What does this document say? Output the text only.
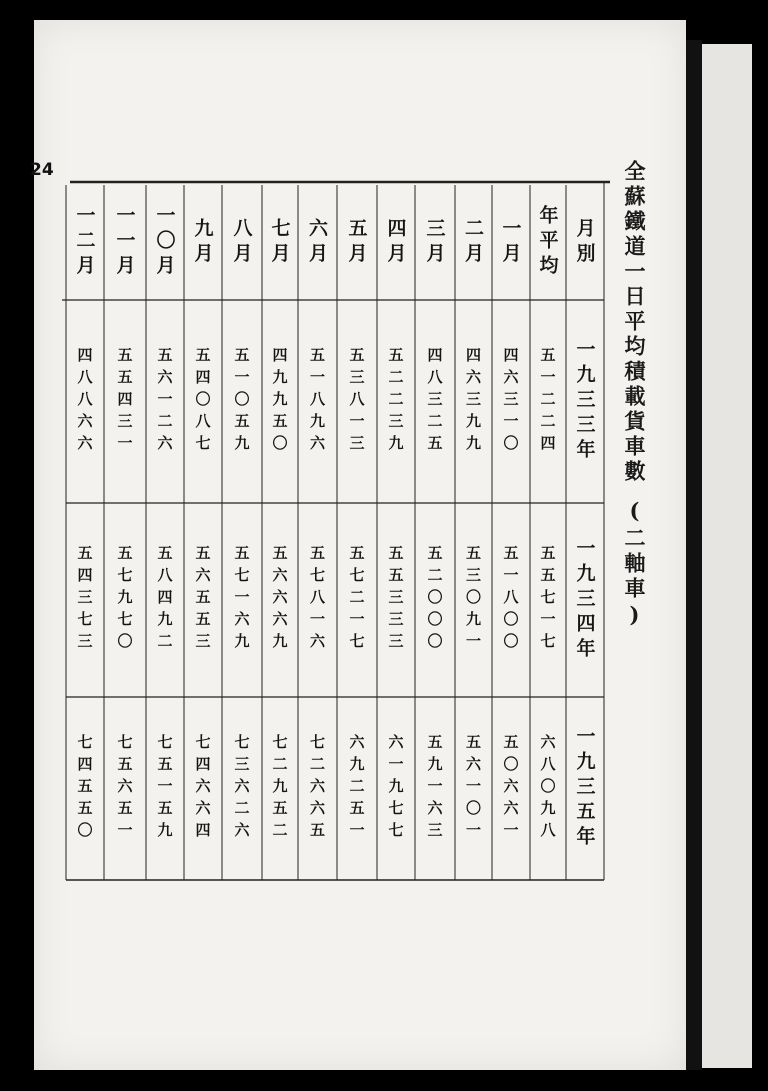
24	全蘇鐵道一日平均積載貨車數
(二軸車)
月別
一九三三年
一九三四年
一九三五年
年平均
五一二二四
五五七一七
六八〇九八
一月
四六三一〇
五一八〇〇
五〇六六一
二月
四六三九九
五三〇九一
五六一〇一
三月
四八三二五
五二〇〇〇
五九一六三
四月
五二二三九
五五三三三
六一九七七
五月
五三八一三
五七二一七
六九二五一
六月
五一八九六
五七八一六
七二六六五
七月
四九九五〇
五六六六九
七二九五二
八月
五一〇五九
五七一六九
七三六二六
九月
五四〇八七
五六五五三
七四六六四
一〇月
五六一二六
五八四九二
七五一五九
一一月
五五四三一
五七九七〇
七五六五一
一二月
四八八六六
五四三七三
七四五五〇
